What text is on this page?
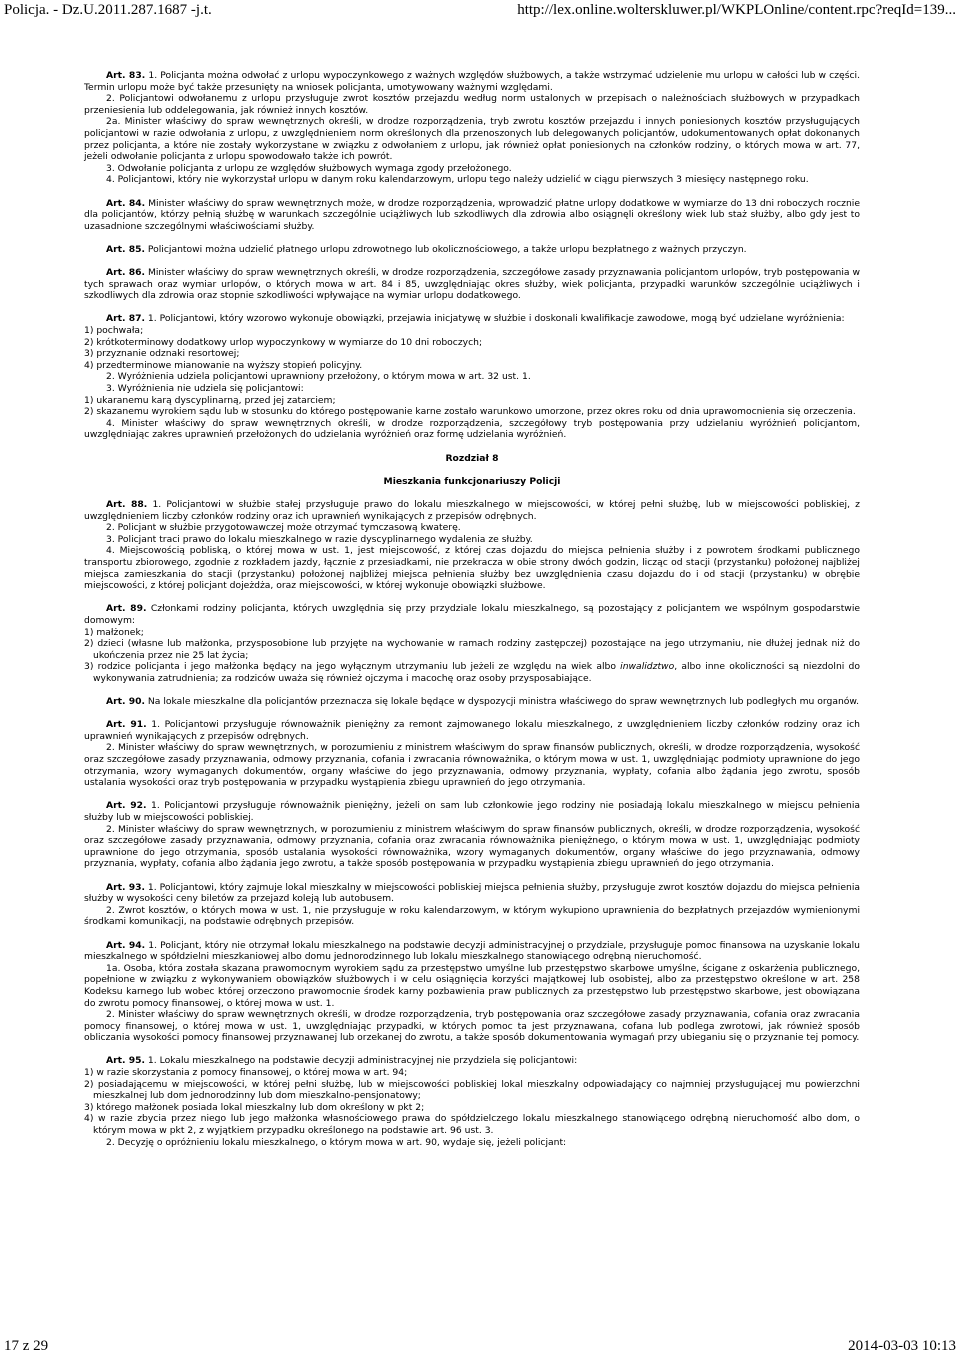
Policja. - Dz.U.2011.287.1687 -j.t.	http://lex.online.wolterskluwer.pl/WKPLOnline/content.rpc?reqId=139...

Art. 83. 1. Policjanta można odwołać z urlopu wypoczynkowego z ważnych względów służbowych, a także wstrzymać udzielenie mu urlopu w całości lub w części. Termin urlopu może być także przesunięty na wniosek policjanta, umotywowany ważnymi względami.

2. Policjantowi odwołanemu z urlopu przysługuje zwrot kosztów przejazdu według norm ustalonych w przepisach o należnościach służbowych w przypadkach przeniesienia lub oddelegowania, jak również innych kosztów.

2a. Minister właściwy do spraw wewnętrznych określi, w drodze rozporządzenia, tryb zwrotu kosztów przejazdu i innych poniesionych kosztów przysługujących policjantowi w razie odwołania z urlopu, z uwzględnieniem norm określonych dla przenoszonych lub delegowanych policjantów, udokumentowanych opłat dokonanych przez policjanta, a które nie zostały wykorzystane w związku z odwołaniem z urlopu, jak również opłat poniesionych na członków rodziny, o których mowa w art. 77, jeżeli odwołanie policjanta z urlopu spowodowało także ich powrót.

3. Odwołanie policjanta z urlopu ze względów służbowych wymaga zgody przełożonego.

4. Policjantowi, który nie wykorzystał urlopu w danym roku kalendarzowym, urlopu tego należy udzielić w ciągu pierwszych 3 miesięcy następnego roku.

Art. 84. Minister właściwy do spraw wewnętrznych może, w drodze rozporządzenia, wprowadzić płatne urlopy dodatkowe w wymiarze do 13 dni roboczych rocznie dla policjantów, którzy pełnią służbę w warunkach szczególnie uciążliwych lub szkodliwych dla zdrowia albo osiągnęli określony wiek lub staż służby, albo gdy jest to uzasadnione szczególnymi właściwościami służby.

Art. 85. Policjantowi można udzielić płatnego urlopu zdrowotnego lub okolicznościowego, a także urlopu bezpłatnego z ważnych przyczyn.

Art. 86. Minister właściwy do spraw wewnętrznych określi, w drodze rozporządzenia, szczegółowe zasady przyznawania policjantom urlopów, tryb postępowania w tych sprawach oraz wymiar urlopów, o których mowa w art. 84 i 85, uwzględniając okres służby, wiek policjanta, przypadki warunków szczególnie uciążliwych i szkodliwych dla zdrowia oraz stopnie szkodliwości wpływające na wymiar urlopu dodatkowego.

Art. 87. 1. Policjantowi, który wzorowo wykonuje obowiązki, przejawia inicjatywę w służbie i doskonali kwalifikacje zawodowe, mogą być udzielane wyróżnienia:

1) pochwała;

2) krótkoterminowy dodatkowy urlop wypoczynkowy w wymiarze do 10 dni roboczych;

3) przyznanie odznaki resortowej;

4) przedterminowe mianowanie na wyższy stopień policyjny.

2. Wyróżnienia udziela policjantowi uprawniony przełożony, o którym mowa w art. 32 ust. 1.

3. Wyróżnienia nie udziela się policjantowi:

1) ukaranemu karą dyscyplinarną, przed jej zatarciem;

2) skazanemu wyrokiem sądu lub w stosunku do którego postępowanie karne zostało warunkowo umorzone, przez okres roku od dnia uprawomocnienia się orzeczenia.

4. Minister właściwy do spraw wewnętrznych określi, w drodze rozporządzenia, szczegółowy tryb postępowania przy udzielaniu wyróżnień policjantom, uwzględniając zakres uprawnień przełożonych do udzielania wyróżnień oraz formę udzielania wyróżnień.

Rozdział 8

Mieszkania funkcjonariuszy Policji

Art. 88. 1. Policjantowi w służbie stałej przysługuje prawo do lokalu mieszkalnego w miejscowości, w której pełni służbę, lub w miejscowości pobliskiej, z uwzględnieniem liczby członków rodziny oraz ich uprawnień wynikających z przepisów odrębnych.

2. Policjant w służbie przygotowawczej może otrzymać tymczasową kwaterę.

3. Policjant traci prawo do lokalu mieszkalnego w razie dyscyplinarnego wydalenia ze służby.

4. Miejscowością pobliską, o której mowa w ust. 1, jest miejscowość, z której czas dojazdu do miejsca pełnienia służby i z powrotem środkami publicznego transportu zbiorowego, zgodnie z rozkładem jazdy, łącznie z przesiadkami, nie przekracza w obie strony dwóch godzin, licząc od stacji (przystanku) położonej najbliżej miejsca zamieszkania do stacji (przystanku) położonej najbliżej miejsca pełnienia służby bez uwzględnienia czasu dojazdu do i od stacji (przystanku) w obrębie miejscowości, z której policjant dojeżdża, oraz miejscowości, w której wykonuje obowiązki służbowe.

Art. 89. Członkami rodziny policjanta, których uwzględnia się przy przydziale lokalu mieszkalnego, są pozostający z policjantem we wspólnym gospodarstwie domowym:

1) małżonek;

2) dzieci (własne lub małżonka, przysposobione lub przyjęte na wychowanie w ramach rodziny zastępczej) pozostające na jego utrzymaniu, nie dłużej jednak niż do ukończenia przez nie 25 lat życia;

3) rodzice policjanta i jego małżonka będący na jego wyłącznym utrzymaniu lub jeżeli ze względu na wiek albo inwalidztwo, albo inne okoliczności są niezdolni do wykonywania zatrudnienia; za rodziców uważa się również ojczyma i macochę oraz osoby przysposabiające.

Art. 90. Na lokale mieszkalne dla policjantów przeznacza się lokale będące w dyspozycji ministra właściwego do spraw wewnętrznych lub podległych mu organów.

Art. 91. 1. Policjantowi przysługuje równoważnik pieniężny za remont zajmowanego lokalu mieszkalnego, z uwzględnieniem liczby członków rodziny oraz ich uprawnień wynikających z przepisów odrębnych.

2. Minister właściwy do spraw wewnętrznych, w porozumieniu z ministrem właściwym do spraw finansów publicznych, określi, w drodze rozporządzenia, wysokość oraz szczegółowe zasady przyznawania, odmowy przyznania, cofania i zwracania równoważnika, o którym mowa w ust. 1, uwzględniając podmioty uprawnione do jego otrzymania, wzory wymaganych dokumentów, organy właściwe do jego przyznawania, odmowy przyznania, wypłaty, cofania albo żądania jego zwrotu, sposób ustalania wysokości oraz tryb postępowania w przypadku wystąpienia zbiegu uprawnień do jego otrzymania.

Art. 92. 1. Policjantowi przysługuje równoważnik pieniężny, jeżeli on sam lub członkowie jego rodziny nie posiadają lokalu mieszkalnego w miejscu pełnienia służby lub w miejscowości pobliskiej.

2. Minister właściwy do spraw wewnętrznych, w porozumieniu z ministrem właściwym do spraw finansów publicznych, określi, w drodze rozporządzenia, wysokość oraz szczegółowe zasady przyznawania, odmowy przyznania, cofania oraz zwracania równoważnika pieniężnego, o którym mowa w ust. 1, uwzględniając podmioty uprawnione do jego otrzymania, sposób ustalania wysokości równoważnika, wzory wymaganych dokumentów, organy właściwe do jego przyznawania, odmowy przyznania, wypłaty, cofania albo żądania jego zwrotu, a także sposób postępowania w przypadku wystąpienia zbiegu uprawnień do jego otrzymania.

Art. 93. 1. Policjantowi, który zajmuje lokal mieszkalny w miejscowości pobliskiej miejsca pełnienia służby, przysługuje zwrot kosztów dojazdu do miejsca pełnienia służby w wysokości ceny biletów za przejazd koleją lub autobusem.

2. Zwrot kosztów, o których mowa w ust. 1, nie przysługuje w roku kalendarzowym, w którym wykupiono uprawnienia do bezpłatnych przejazdów wymienionymi środkami komunikacji, na podstawie odrębnych przepisów.

Art. 94. 1. Policjant, który nie otrzymał lokalu mieszkalnego na podstawie decyzji administracyjnej o przydziale, przysługuje pomoc finansowa na uzyskanie lokalu mieszkalnego w spółdzielni mieszkaniowej albo domu jednorodzinnego lub lokalu mieszkalnego stanowiącego odrębną nieruchomość.

1a. Osoba, która została skazana prawomocnym wyrokiem sądu za przestępstwo umyślne lub przestępstwo skarbowe umyślne, ścigane z oskarżenia publicznego, popełnione w związku z wykonywaniem obowiązków służbowych i w celu osiągnięcia korzyści majątkowej lub osobistej, albo za przestępstwo określone w art. 258 Kodeksu karnego lub wobec której orzeczono prawomocnie środek karny pozbawienia praw publicznych za przestępstwo lub przestępstwo skarbowe, jest obowiązana do zwrotu pomocy finansowej, o której mowa w ust. 1.

2. Minister właściwy do spraw wewnętrznych określi, w drodze rozporządzenia, tryb postępowania oraz szczegółowe zasady przyznawania, cofania oraz zwracania pomocy finansowej, o której mowa w ust. 1, uwzględniając przypadki, w których pomoc ta jest przyznawana, cofana lub podlega zwrotowi, jak również sposób obliczania wysokości pomocy finansowej przyznawanej lub orzekanej do zwrotu, a także sposób dokumentowania wymagań przy ubieganiu się o przyznanie tej pomocy.

Art. 95. 1. Lokalu mieszkalnego na podstawie decyzji administracyjnej nie przydziela się policjantowi:

1) w razie skorzystania z pomocy finansowej, o której mowa w art. 94;

2) posiadającemu w miejscowości, w której pełni służbę, lub w miejscowości pobliskiej lokal mieszkalny odpowiadający co najmniej przysługującej mu powierzchni mieszkalnej lub dom jednorodzinny lub dom mieszkalno-pensjonatowy;

3) którego małżonek posiada lokal mieszkalny lub dom określony w pkt 2;

4) w razie zbycia przez niego lub jego małżonka własnościowego prawa do spółdzielczego lokalu mieszkalnego stanowiącego odrębną nieruchomość albo dom, o którym mowa w pkt 2, z wyjątkiem przypadku określonego na podstawie art. 96 ust. 3.

2. Decyzję o opróżnieniu lokalu mieszkalnego, o którym mowa w art. 90, wydaje się, jeżeli policjant:

17 z 29	2014-03-03 10:13
